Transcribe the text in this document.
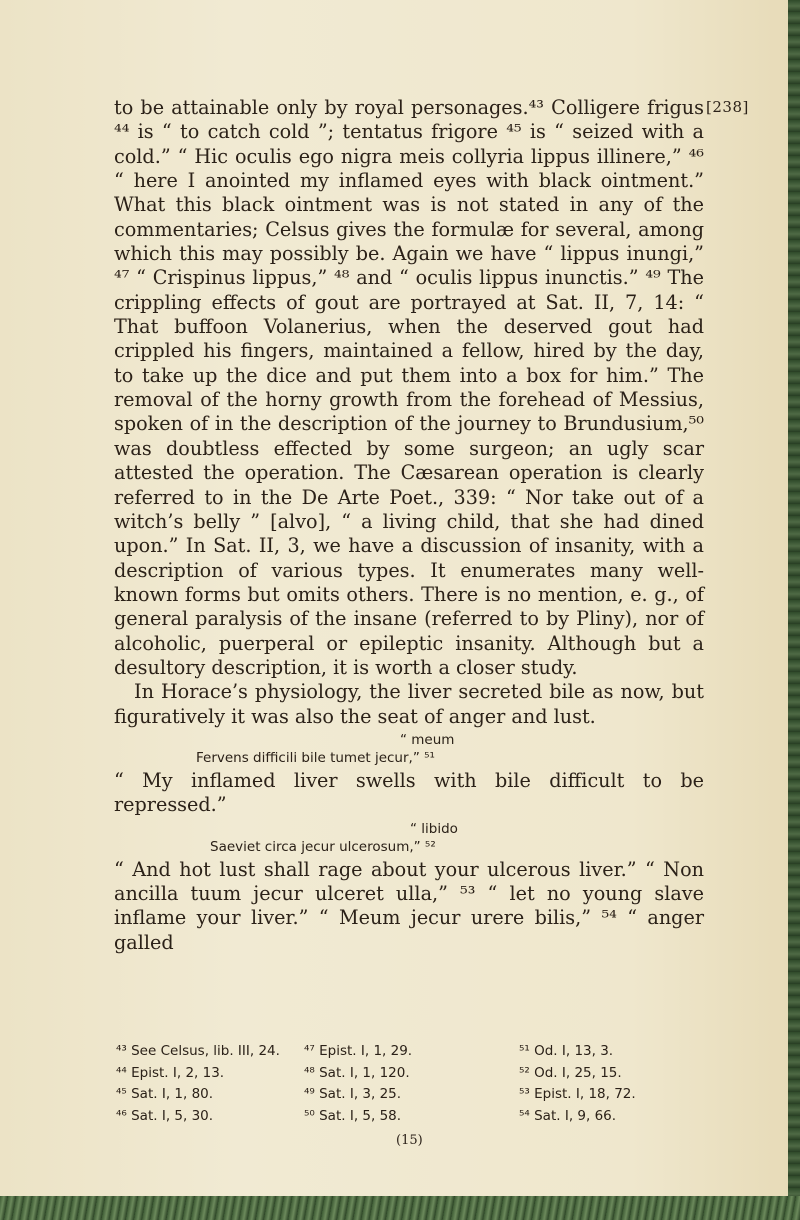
[238]

to be attainable only by royal personages.⁴³ Colligere frigus ⁴⁴ is “ to catch cold ”; tentatus frigore ⁴⁵ is “ seized with a cold.” “ Hic oculis ego nigra meis collyria lippus illinere,” ⁴⁶ “ here I anointed my inflamed eyes with black ointment.” What this black ointment was is not stated in any of the commentaries; Celsus gives the formulæ for several, among which this may possibly be. Again we have “ lippus inungi,” ⁴⁷ “ Crispinus lippus,” ⁴⁸ and “ oculis lippus inunctis.” ⁴⁹ The crippling effects of gout are portrayed at Sat. II, 7, 14: “ That buffoon Volanerius, when the deserved gout had crippled his fingers, maintained a fellow, hired by the day, to take up the dice and put them into a box for him.” The removal of the horny growth from the forehead of Messius, spoken of in the description of the journey to Brundusium,⁵⁰ was doubtless effected by some surgeon; an ugly scar attested the operation. The Cæsarean operation is clearly referred to in the De Arte Poet., 339: “ Nor take out of a witch’s belly ” [alvo], “ a living child, that she had dined upon.” In Sat. II, 3, we have a discussion of insanity, with a description of various types. It enumerates many well-known forms but omits others. There is no mention, e. g., of general paralysis of the insane (referred to by Pliny), nor of alcoholic, puerperal or epileptic insanity. Although but a desultory description, it is worth a closer study.

In Horace’s physiology, the liver secreted bile as now, but figuratively it was also the seat of anger and lust.

“ meum
Fervens difficili bile tumet jecur,” ⁵¹

“ My inflamed liver swells with bile difficult to be repressed.”

“ libido
Saeviet circa jecur ulcerosum,” ⁵²

“ And hot lust shall rage about your ulcerous liver.” “ Non ancilla tuum jecur ulceret ulla,” ⁵³ “ let no young slave inflame your liver.” “ Meum jecur urere bilis,” ⁵⁴ “ anger galled

⁴³ See Celsus, lib. III, 24.
⁴⁴ Epist. I, 2, 13.
⁴⁵ Sat. I, 1, 80.
⁴⁶ Sat. I, 5, 30.
⁴⁷ Epist. I, 1, 29.
⁴⁸ Sat. I, 1, 120.
⁴⁹ Sat. I, 3, 25.
⁵⁰ Sat. I, 5, 58.
⁵¹ Od. I, 13, 3.
⁵² Od. I, 25, 15.
⁵³ Epist. I, 18, 72.
⁵⁴ Sat. I, 9, 66.
(15)
